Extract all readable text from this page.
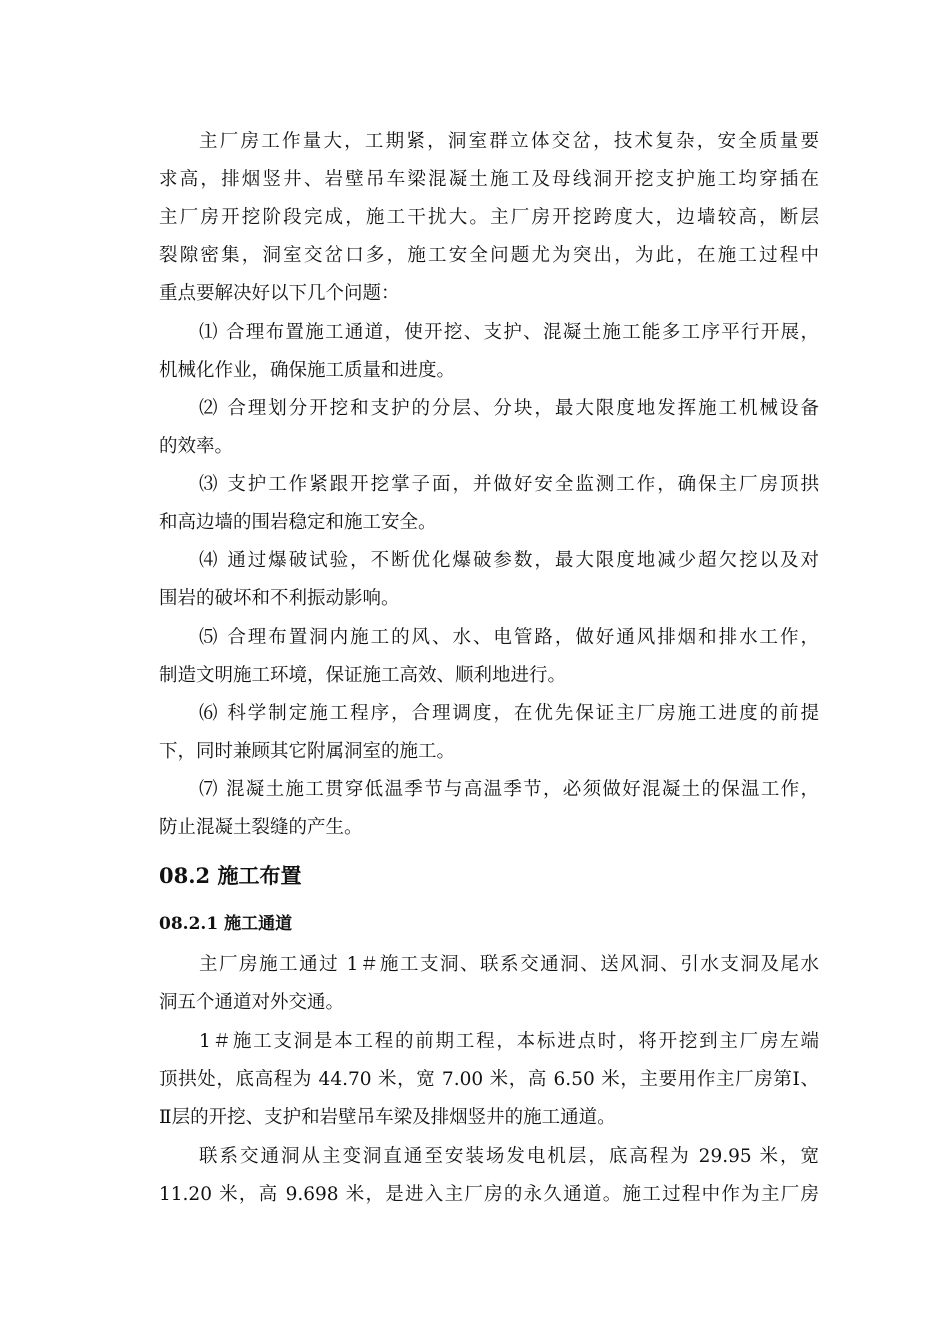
主厂房工作量大，工期紧，洞室群立体交岔，技术复杂，安全质量要
求高，排烟竖井、岩壁吊车梁混凝土施工及母线洞开挖支护施工均穿插在
主厂房开挖阶段完成，施工干扰大。主厂房开挖跨度大，边墙较高，断层
裂隙密集，洞室交岔口多，施工安全问题尤为突出，为此，在施工过程中
重点要解决好以下几个问题：
⑴ 合理布置施工通道，使开挖、支护、混凝土施工能多工序平行开展，
机械化作业，确保施工质量和进度。
⑵ 合理划分开挖和支护的分层、分块，最大限度地发挥施工机械设备
的效率。
⑶ 支护工作紧跟开挖掌子面，并做好安全监测工作，确保主厂房顶拱
和高边墙的围岩稳定和施工安全。
⑷ 通过爆破试验，不断优化爆破参数，最大限度地减少超欠挖以及对
围岩的破坏和不利振动影响。
⑸ 合理布置洞内施工的风、水、电管路，做好通风排烟和排水工作，
制造文明施工环境，保证施工高效、顺利地进行。
⑹ 科学制定施工程序，合理调度，在优先保证主厂房施工进度的前提
下，同时兼顾其它附属洞室的施工。
⑺ 混凝土施工贯穿低温季节与高温季节，必须做好混凝土的保温工作，
防止混凝土裂缝的产生。
08.2 施工布置
08.2.1 施工通道
主厂房施工通过 1＃施工支洞、联系交通洞、送风洞、引水支洞及尾水
洞五个通道对外交通。
1＃施工支洞是本工程的前期工程，本标进点时，将开挖到主厂房左端
顶拱处，底高程为 44.70 米，宽 7.00 米，高 6.50 米，主要用作主厂房第Ⅰ、
Ⅱ层的开挖、支护和岩壁吊车梁及排烟竖井的施工通道。
联系交通洞从主变洞直通至安装场发电机层，底高程为 29.95 米，宽
11.20 米，高 9.698 米，是进入主厂房的永久通道。施工过程中作为主厂房
